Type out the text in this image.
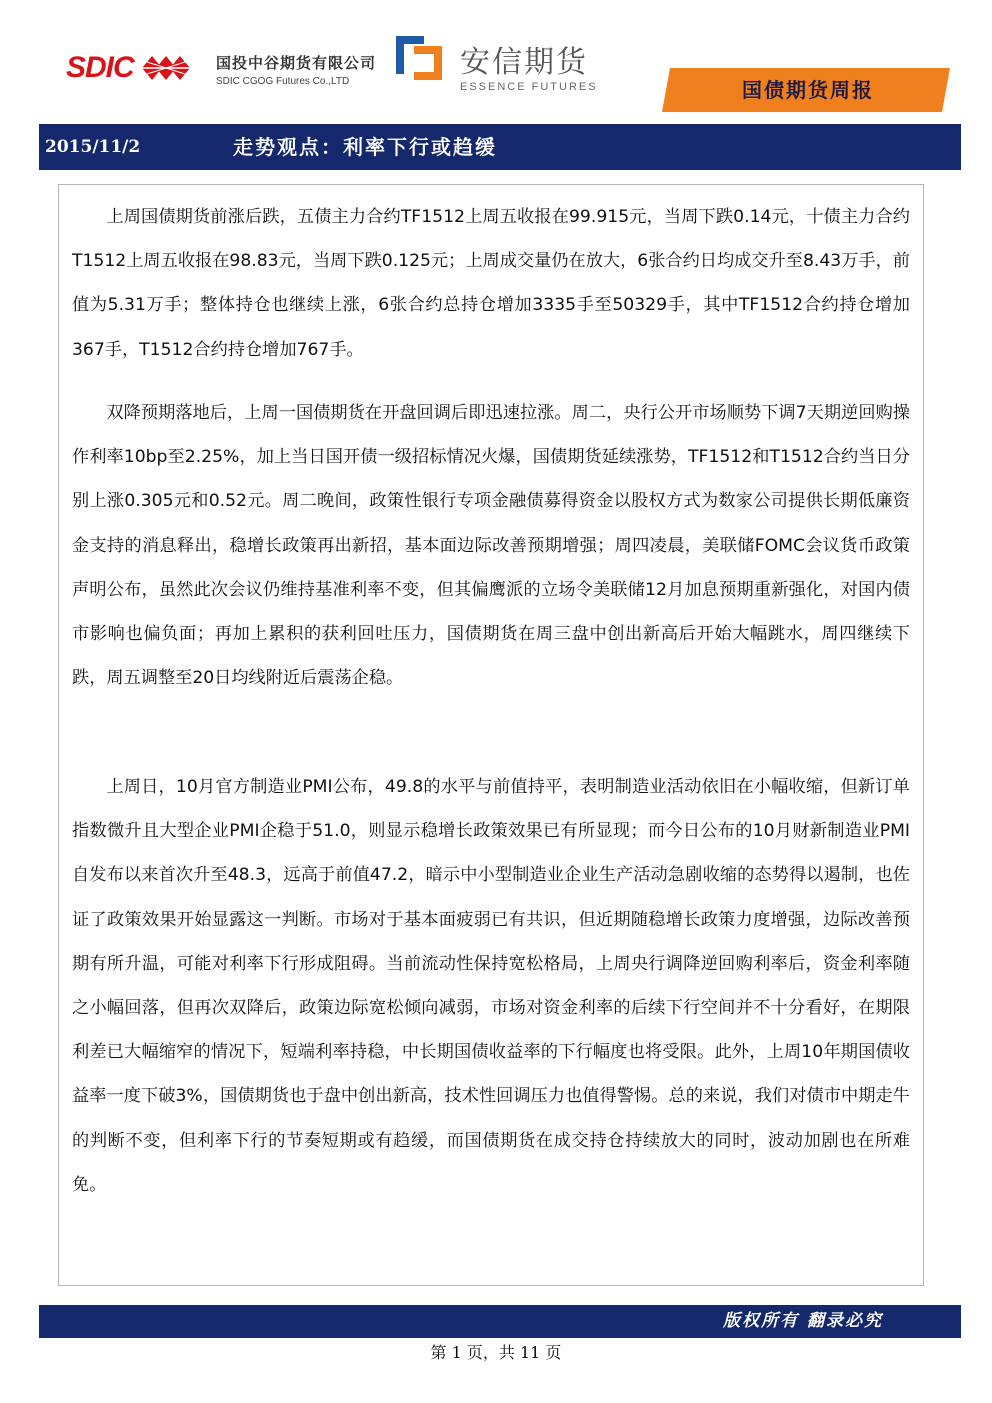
SDIC	国投中谷期货有限公司
SDIC CGOG Futures Co.,LTD
安信期货
ESSENCE FUTURES	国债期货周报
2015/11/2	走势观点：利率下行或趋缓

上周国债期货前涨后跌，五债主力合约TF1512上周五收报在99.915元，当周下跌0.14元，十债主力合约T1512上周五收报在98.83元，当周下跌0.125元；上周成交量仍在放大，6张合约日均成交升至8.43万手，前值为5.31万手；整体持仓也继续上涨，6张合约总持仓增加3335手至50329手，其中TF1512合约持仓增加367手，T1512合约持仓增加767手。

双降预期落地后，上周一国债期货在开盘回调后即迅速拉涨。周二，央行公开市场顺势下调7天期逆回购操作利率10bp至2.25%，加上当日国开债一级招标情况火爆，国债期货延续涨势，TF1512和T1512合约当日分别上涨0.305元和0.52元。周二晚间，政策性银行专项金融债募得资金以股权方式为数家公司提供长期低廉资金支持的消息释出，稳增长政策再出新招，基本面边际改善预期增强；周四凌晨，美联储FOMC会议货币政策声明公布，虽然此次会议仍维持基准利率不变，但其偏鹰派的立场令美联储12月加息预期重新强化，对国内债市影响也偏负面；再加上累积的获利回吐压力，国债期货在周三盘中创出新高后开始大幅跳水，周四继续下跌，周五调整至20日均线附近后震荡企稳。

上周日，10月官方制造业PMI公布，49.8的水平与前值持平，表明制造业活动依旧在小幅收缩，但新订单指数微升且大型企业PMI企稳于51.0，则显示稳增长政策效果已有所显现；而今日公布的10月财新制造业PMI自发布以来首次升至48.3，远高于前值47.2，暗示中小型制造业企业生产活动急剧收缩的态势得以遏制，也佐证了政策效果开始显露这一判断。市场对于基本面疲弱已有共识，但近期随稳增长政策力度增强，边际改善预期有所升温，可能对利率下行形成阻碍。当前流动性保持宽松格局，上周央行调降逆回购利率后，资金利率随之小幅回落，但再次双降后，政策边际宽松倾向减弱，市场对资金利率的后续下行空间并不十分看好，在期限利差已大幅缩窄的情况下，短端利率持稳，中长期国债收益率的下行幅度也将受限。此外，上周10年期国债收益率一度下破3%，国债期货也于盘中创出新高，技术性回调压力也值得警惕。总的来说，我们对债市中期走牛的判断不变，但利率下行的节奏短期或有趋缓，而国债期货在成交持仓持续放大的同时，波动加剧也在所难免。

版权所有 翻录必究
第 1 页，共 11 页
